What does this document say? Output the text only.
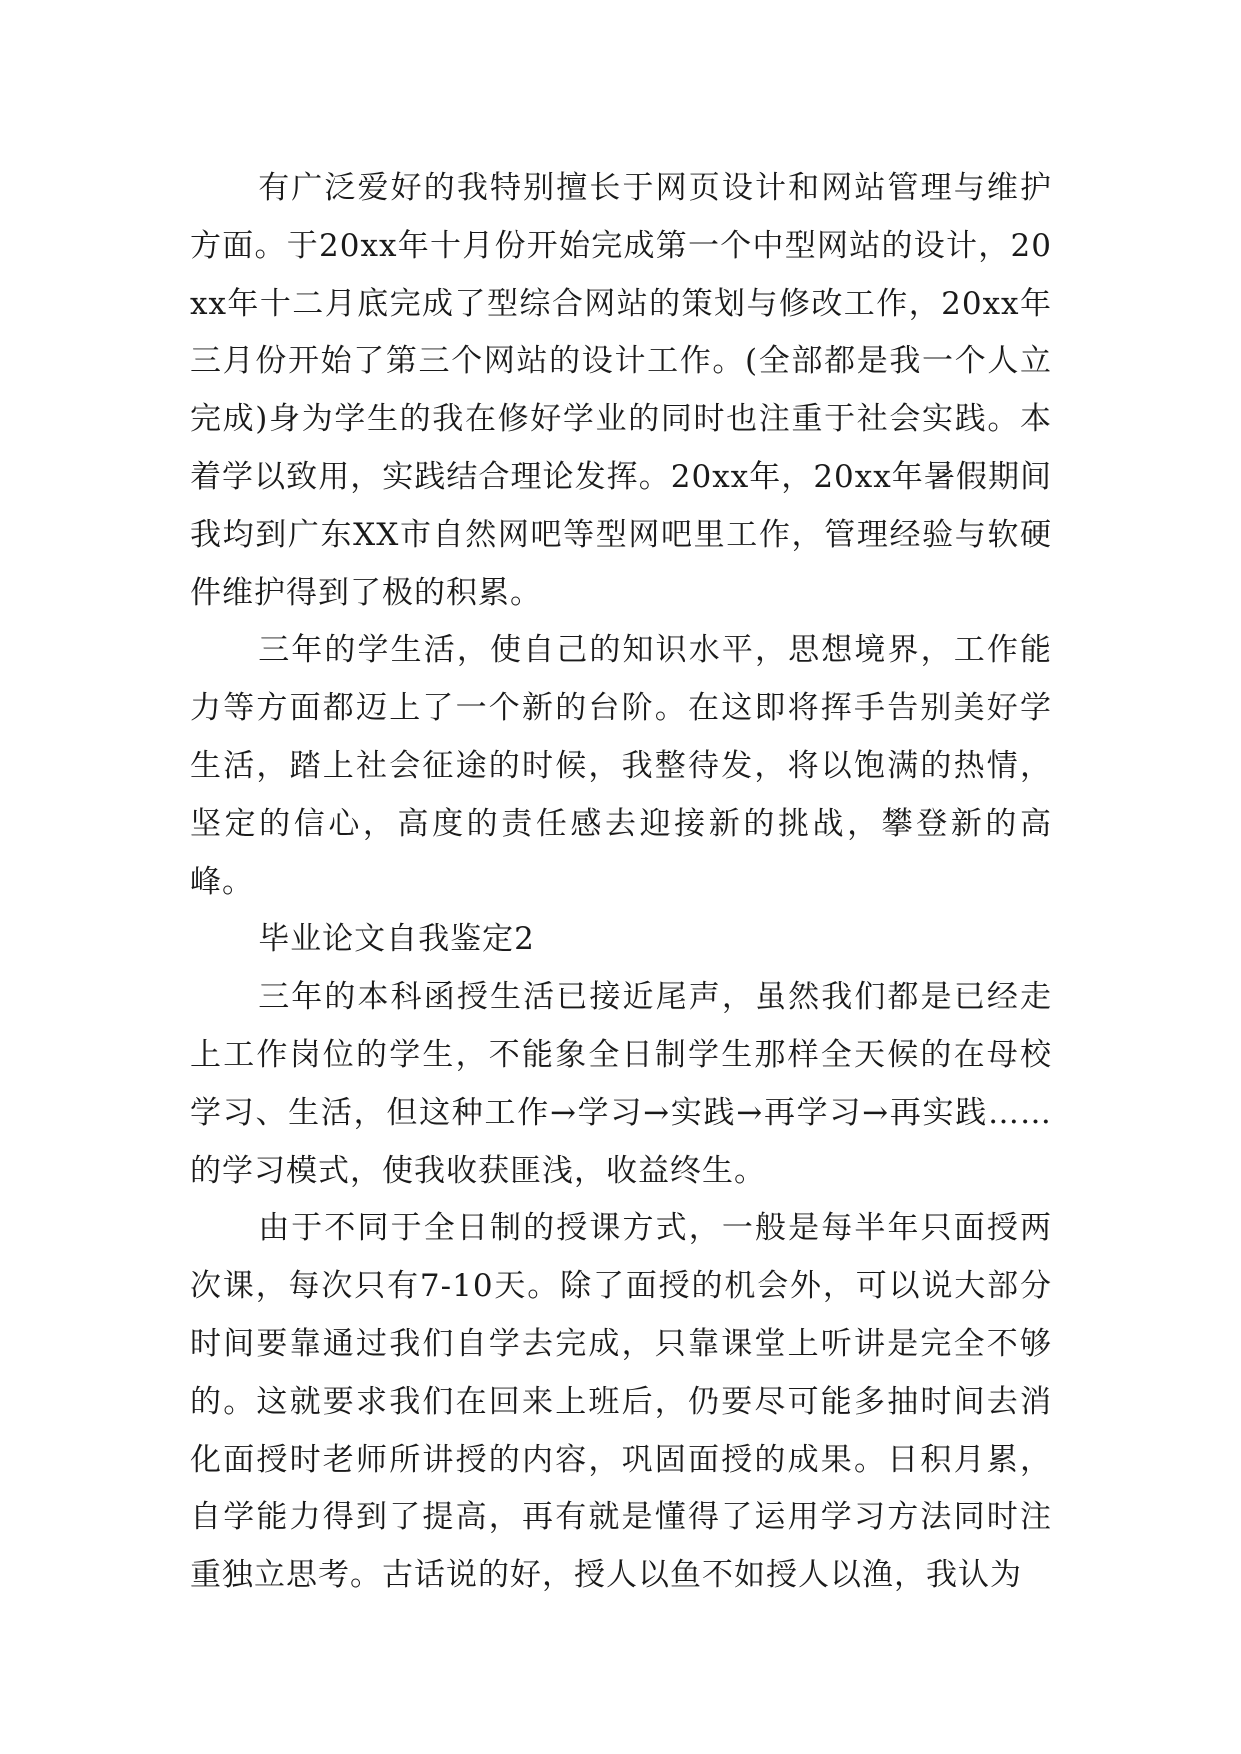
有广泛爱好的我特别擅长于网页设计和网站管理与维护方面。于20xx年十月份开始完成第一个中型网站的设计，20xx年十二月底完成了型综合网站的策划与修改工作，20xx年三月份开始了第三个网站的设计工作。(全部都是我一个人立完成)身为学生的我在修好学业的同时也注重于社会实践。本着学以致用，实践结合理论发挥。20xx年，20xx年暑假期间我均到广东XX市自然网吧等型网吧里工作，管理经验与软硬件维护得到了极的积累。

三年的学生活，使自己的知识水平，思想境界，工作能力等方面都迈上了一个新的台阶。在这即将挥手告别美好学生活，踏上社会征途的时候，我整待发，将以饱满的热情，坚定的信心，高度的责任感去迎接新的挑战，攀登新的高峰。

毕业论文自我鉴定2

三年的本科函授生活已接近尾声，虽然我们都是已经走上工作岗位的学生，不能象全日制学生那样全天候的在母校学习、生活，但这种工作→学习→实践→再学习→再实践……的学习模式，使我收获匪浅，收益终生。

由于不同于全日制的授课方式，一般是每半年只面授两次课，每次只有7-10天。除了面授的机会外，可以说大部分时间要靠通过我们自学去完成，只靠课堂上听讲是完全不够的。这就要求我们在回来上班后，仍要尽可能多抽时间去消化面授时老师所讲授的内容，巩固面授的成果。日积月累，自学能力得到了提高，再有就是懂得了运用学习方法同时注重独立思考。古话说的好，授人以鱼不如授人以渔，我认为
